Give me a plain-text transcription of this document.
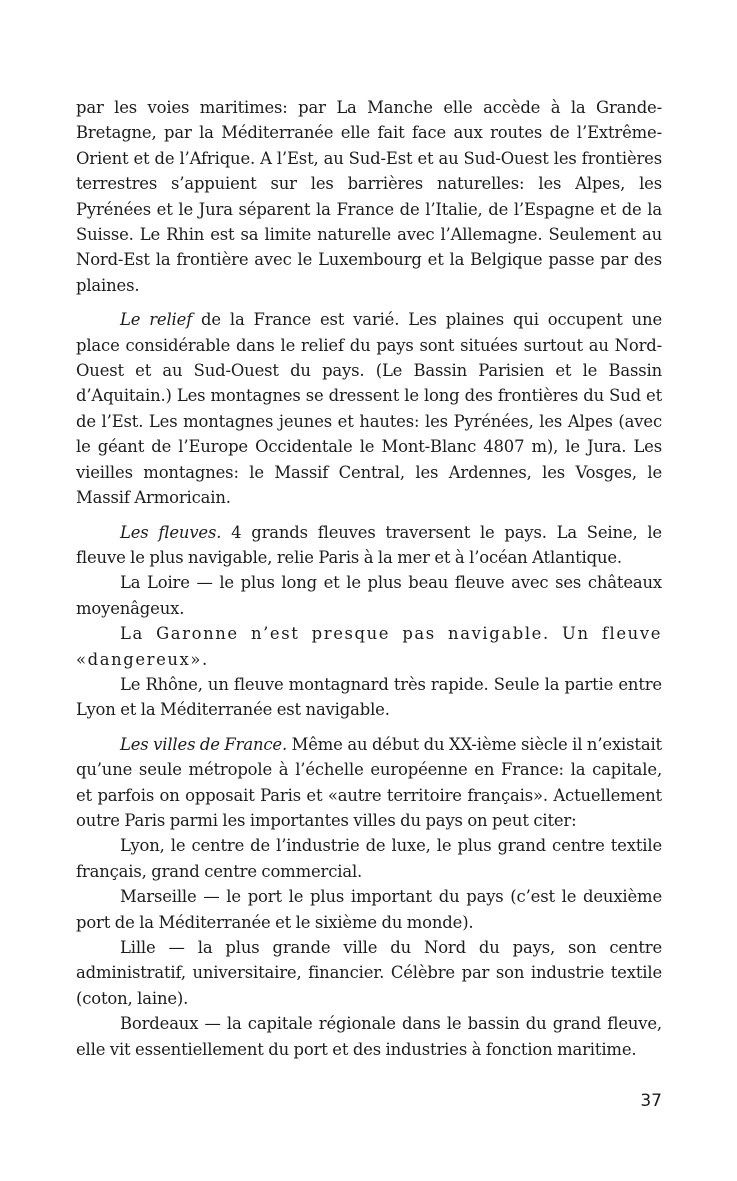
par les voies maritimes: par La Manche elle accède à la Grande-Bretagne, par la Méditerranée elle fait face aux routes de l’Extrême-Orient et de l’Afrique. A l’Est, au Sud-Est et au Sud-Ouest les frontières terrestres s’appuient sur les barrières naturelles: les Alpes, les Pyrénées et le Jura séparent la France de l’Italie, de l’Espagne et de la Suisse. Le Rhin est sa limite naturelle avec l’Allemagne. Seulement au Nord-Est la frontière avec le Luxembourg et la Belgique passe par des plaines.

Le relief de la France est varié. Les plaines qui occupent une place considérable dans le relief du pays sont situées surtout au Nord-Ouest et au Sud-Ouest du pays. (Le Bassin Parisien et le Bassin d’Aquitain.) Les montagnes se dressent le long des frontières du Sud et de l’Est. Les montagnes jeunes et hautes: les Pyrénées, les Alpes (avec le géant de l’Europe Occidentale le Mont-Blanc 4807 m), le Jura. Les vieilles montagnes: le Massif Central, les Ardennes, les Vosges, le Massif Armoricain.

Les fleuves. 4 grands fleuves traversent le pays. La Seine, le fleuve le plus navigable, relie Paris à la mer et à l’océan Atlantique.

La Loire — le plus long et le plus beau fleuve avec ses châteaux moyenâgeux.

La Garonne n’est presque pas navigable. Un fleuve «dangereux».

Le Rhône, un fleuve montagnard très rapide. Seule la partie entre Lyon et la Méditerranée est navigable.

Les villes de France. Même au début du XX-ième siècle il n’existait qu’une seule métropole à l’échelle européenne en France: la capitale, et parfois on opposait Paris et «autre territoire français». Actuellement outre Paris parmi les importantes villes du pays on peut citer:

Lyon, le centre de l’industrie de luxe, le plus grand centre textile français, grand centre commercial.

Marseille — le port le plus important du pays (c’est le deuxième port de la Méditerranée et le sixième du monde).

Lille — la plus grande ville du Nord du pays, son centre administratif, universitaire, financier. Célèbre par son industrie textile (coton, laine).

Bordeaux — la capitale régionale dans le bassin du grand fleuve, elle vit essentiellement du port et des industries à fonction maritime.

37
